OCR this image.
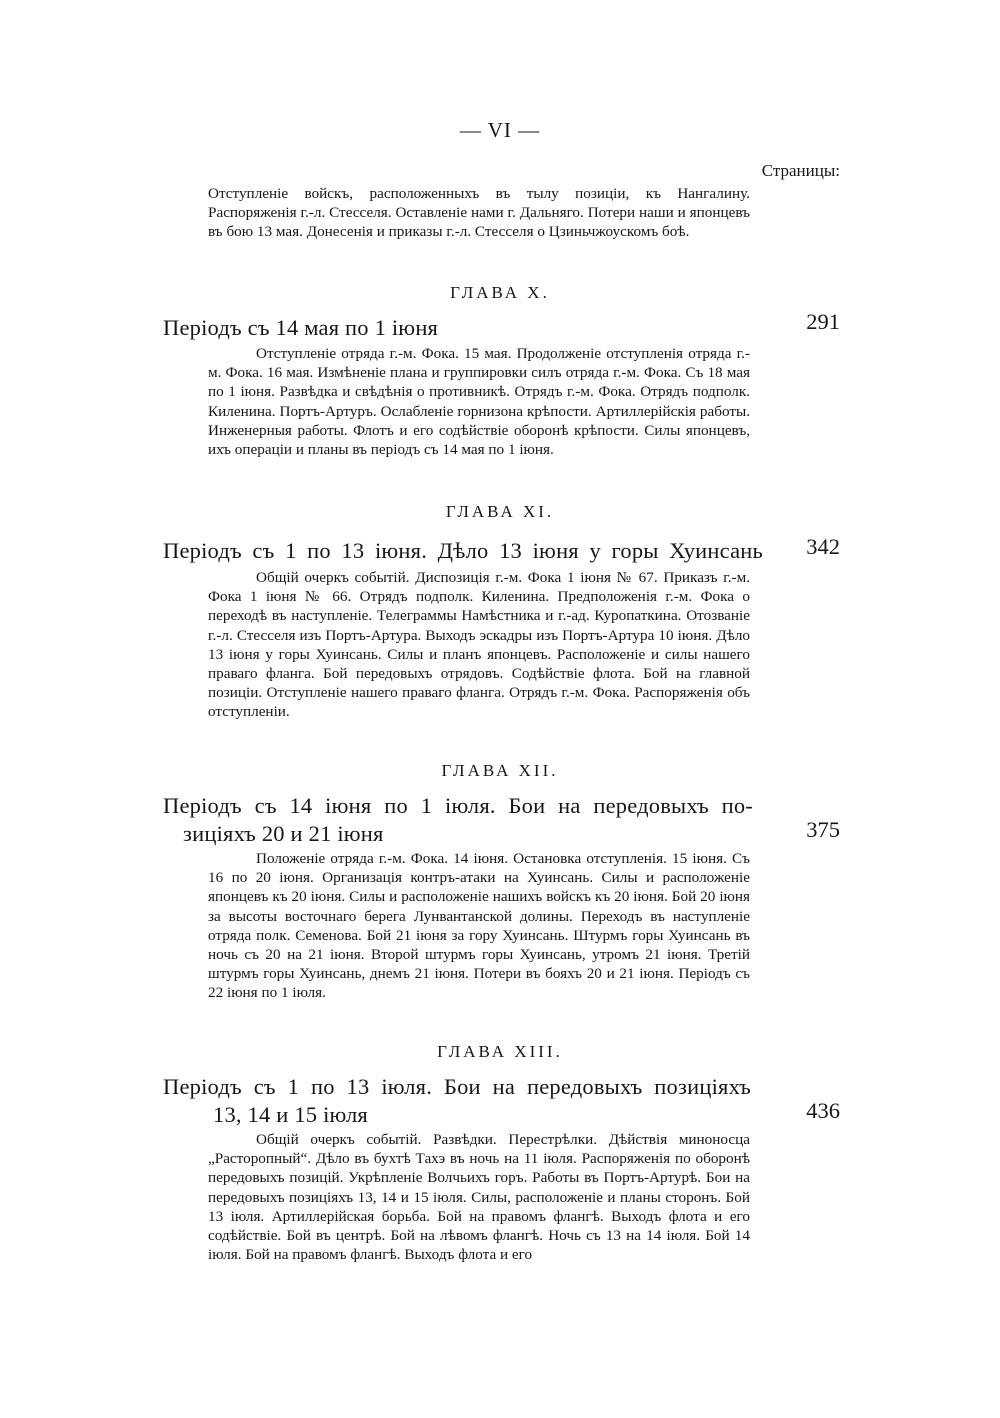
— VI —
Страницы:

Отступленіе войскъ, расположенныхъ въ тылу позиціи, къ Нангалину. Распоряженія г.-л. Стесселя. Оставленіе нами г. Дальняго. Потери наши и японцевъ въ бою 13 мая. Донесенія и приказы г.-л. Стесселя о Цзиньчжоускомъ боѣ.

ГЛАВА X.
Періодъ съ 14 мая по 1 іюня	291

Отступленіе отряда г.-м. Фока. 15 мая. Продолженіе отступленія отряда г.-м. Фока. 16 мая. Измѣненіе плана и группировки силъ отряда г.-м. Фока. Съ 18 мая по 1 іюня. Развѣдка и свѣдѣнія о противникѣ. Отрядъ г.-м. Фока. Отрядъ подполк. Киленина. Портъ-Артуръ. Ослабленіе горнизона крѣпости. Артиллерійскія работы. Инженерныя работы. Флотъ и его содѣйствіе оборонѣ крѣпости. Силы японцевъ, ихъ операціи и планы въ періодъ съ 14 мая по 1 іюня.

ГЛАВА XI.
Періодъ съ 1 по 13 іюня. Дѣло 13 іюня у горы Хуинсань	342

Общій очеркъ событій. Диспозиція г.-м. Фока 1 іюня № 67. Приказъ г.-м. Фока 1 іюня № 66. Отрядъ подполк. Киленина. Предположенія г.-м. Фока о переходѣ въ наступленіе. Телеграммы Намѣстника и г.-ад. Куропаткина. Отозваніе г.-л. Стесселя изъ Портъ-Артура. Выходъ эскадры изъ Портъ-Артура 10 іюня. Дѣло 13 іюня у горы Хуинсань. Силы и планъ японцевъ. Расположеніе и силы нашего праваго фланга. Бой передовыхъ отрядовъ. Содѣйствіе флота. Бой на главной позиціи. Отступленіе нашего праваго фланга. Отрядъ г.-м. Фока. Распоряженія объ отступленіи.

ГЛАВА XII.
Періодъ съ 14 іюня по 1 іюля. Бои на передовыхъ по-
зиціяхъ 20 и 21 іюня	375

Положеніе отряда г.-м. Фока. 14 іюня. Остановка отступленія. 15 іюня. Съ 16 по 20 іюня. Организація контръ-атаки на Хуинсань. Силы и расположеніе японцевъ къ 20 іюня. Силы и расположеніе нашихъ войскъ къ 20 іюня. Бой 20 іюня за высоты восточнаго берега Лунвантанской долины. Переходъ въ наступленіе отряда полк. Семенова. Бой 21 іюня за гору Хуинсань. Штурмъ горы Хуинсань въ ночь съ 20 на 21 іюня. Второй штурмъ горы Хуинсань, утромъ 21 іюня. Третій штурмъ горы Хуинсань, днемъ 21 іюня. Потери въ бояхъ 20 и 21 іюня. Періодъ съ 22 іюня по 1 іюля.

ГЛАВА XIII.
Періодъ съ 1 по 13 іюля. Бои на передовыхъ позиціяхъ
13, 14 и 15 іюля	436

Общій очеркъ событій. Развѣдки. Перестрѣлки. Дѣйствія миноносца „Расторопный“. Дѣло въ бухтѣ Тахэ въ ночь на 11 іюля. Распоряженія по оборонѣ передовыхъ позицій. Укрѣпленіе Волчьихъ горъ. Работы въ Портъ-Артурѣ. Бои на передовыхъ позиціяхъ 13, 14 и 15 іюля. Силы, расположеніе и планы сторонъ. Бой 13 іюля. Артиллерійская борьба. Бой на правомъ флангѣ. Выходъ флота и его содѣйствіе. Бой въ центрѣ. Бой на лѣвомъ флангѣ. Ночь съ 13 на 14 іюля. Бой 14 іюля. Бой на правомъ флангѣ. Выходъ флота и его
